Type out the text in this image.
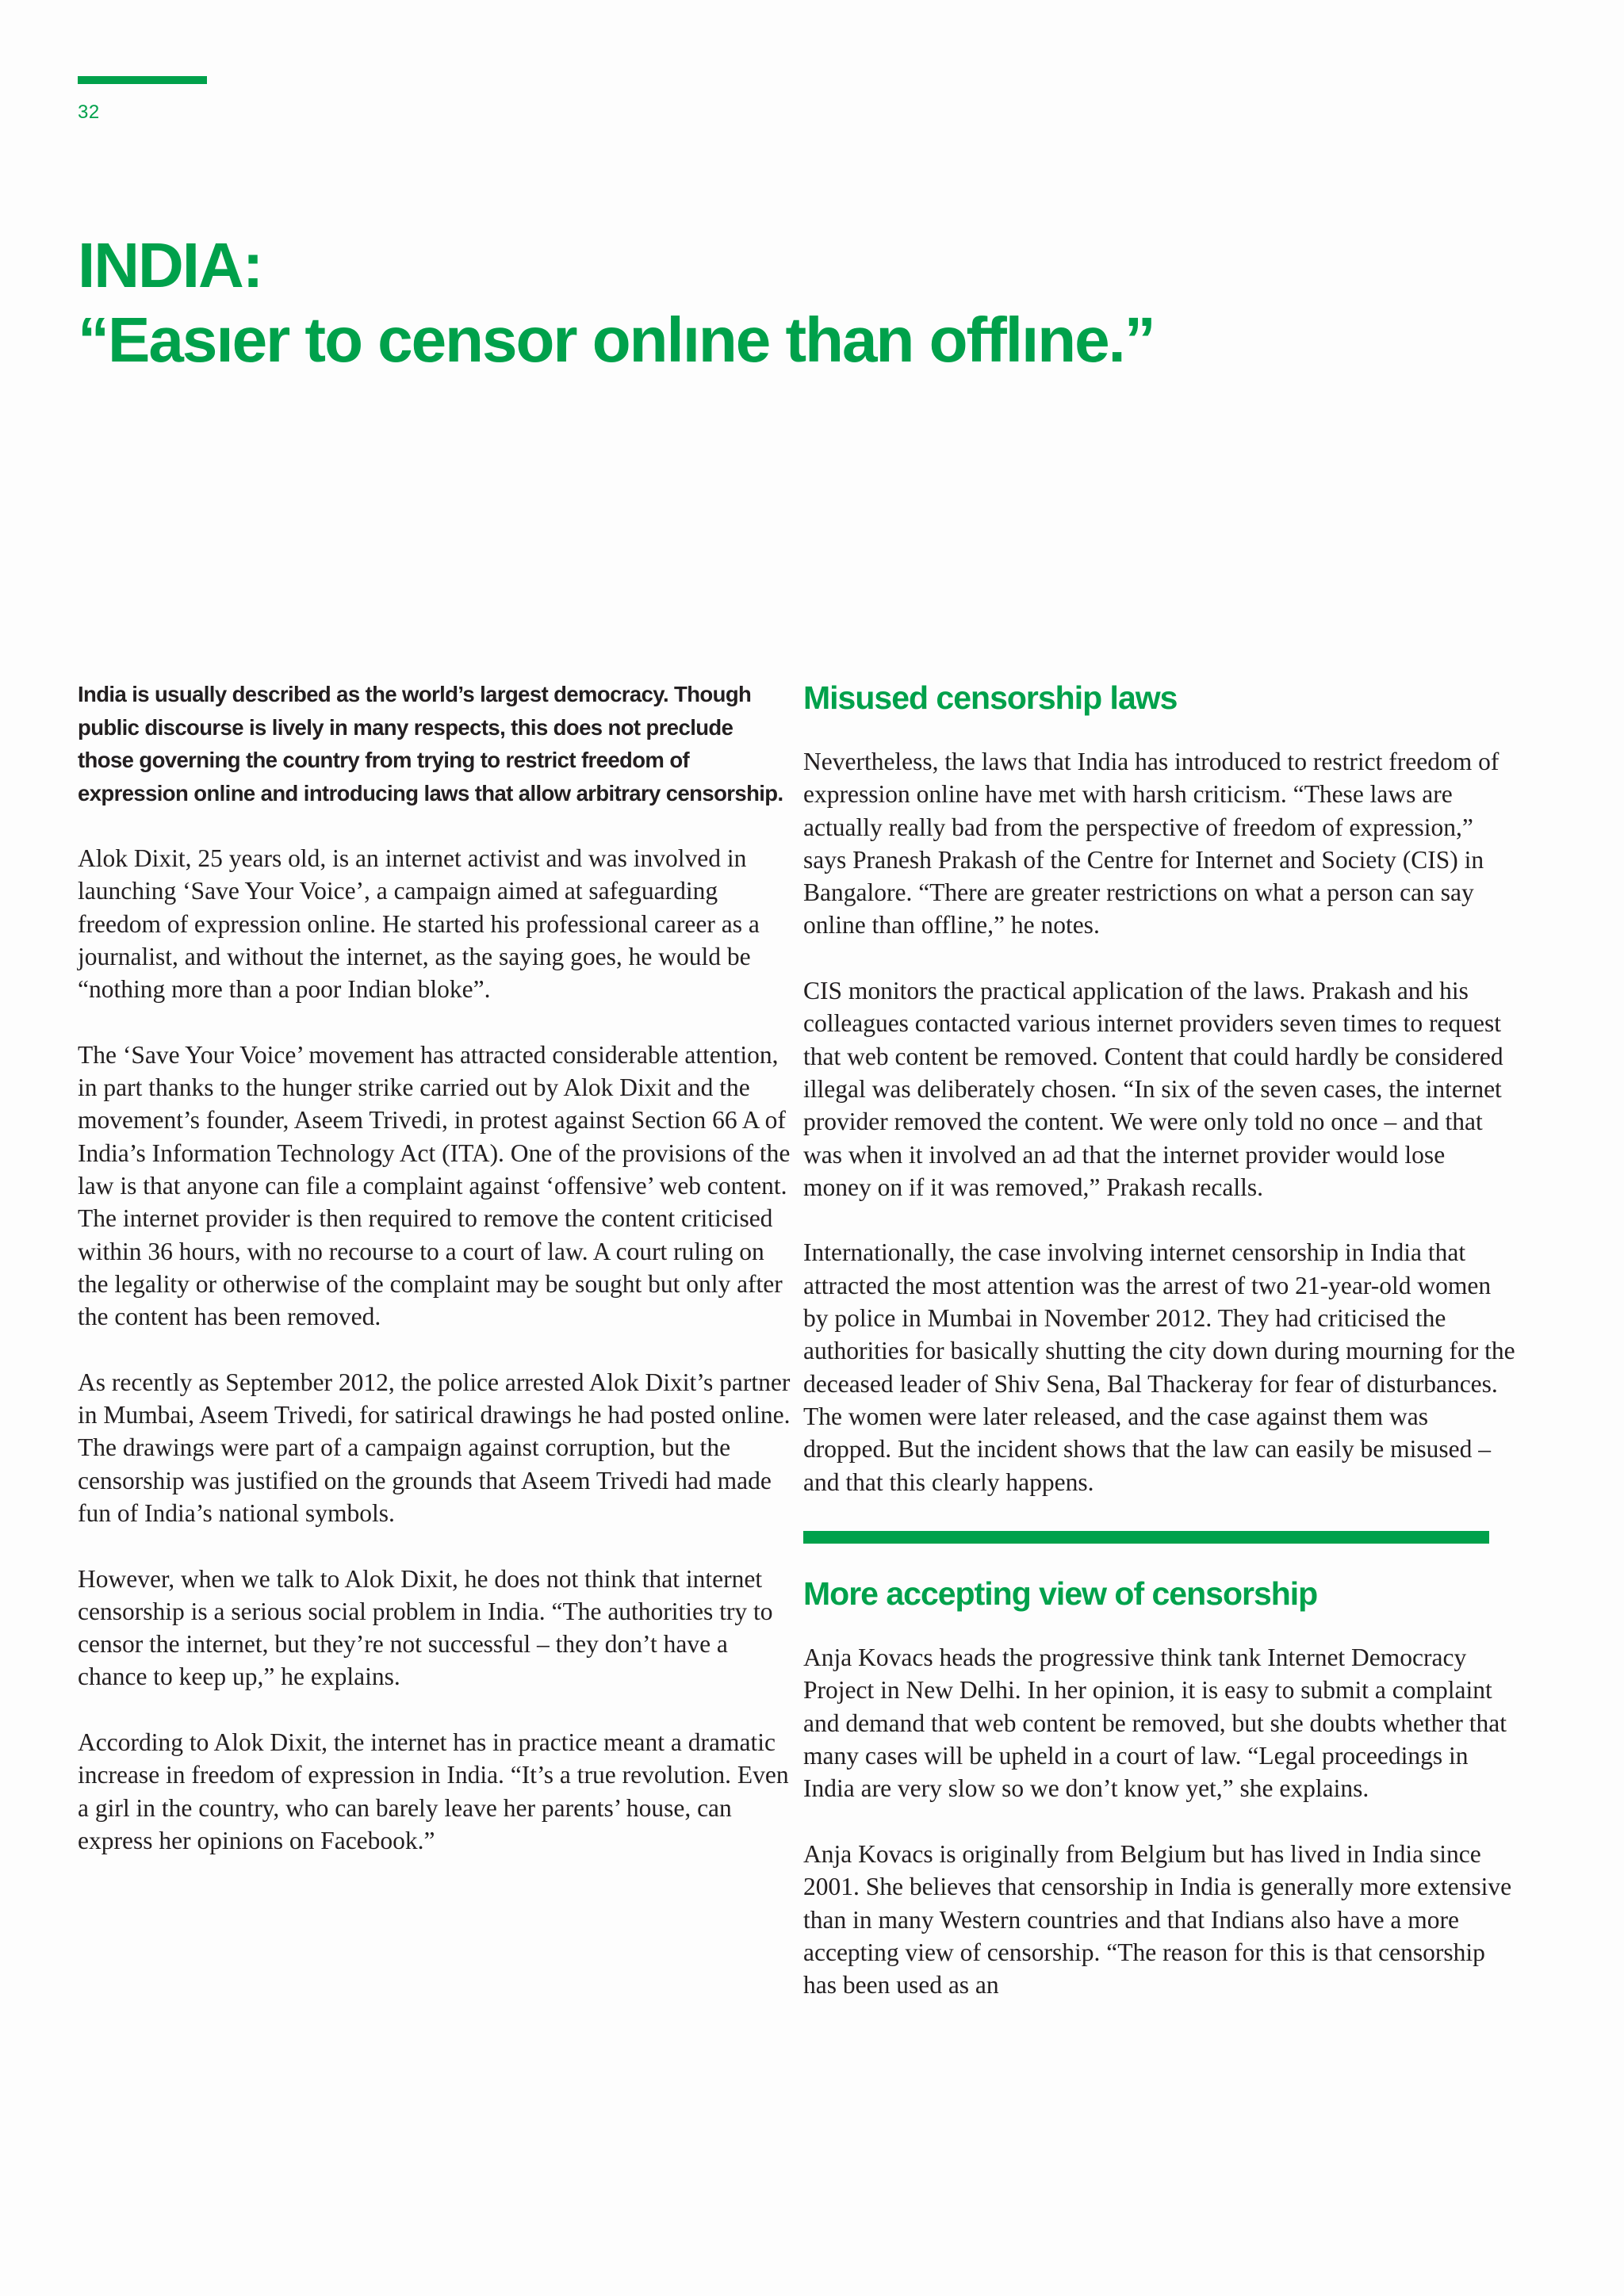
32
INDIA:
“Easıer to censor onlıne than offlıne.”

India is usually described as the world’s largest democracy. Though public discourse is lively in many respects, this does not preclude those governing the country from trying to restrict freedom of expression online and introducing laws that allow arbitrary censorship.

Alok Dixit, 25 years old, is an internet activist and was involved in launching ‘Save Your Voice’, a campaign aimed at safeguarding freedom of expression online. He started his professional career as a journalist, and without the internet, as the saying goes, he would be “nothing more than a poor Indian bloke”.

The ‘Save Your Voice’ movement has attracted considerable attention, in part thanks to the hunger strike carried out by Alok Dixit and the movement’s founder, Aseem Trivedi, in protest against Section 66 A of India’s Information Technology Act (ITA). One of the provisions of the law is that anyone can file a complaint against ‘offensive’ web content. The internet provider is then required to remove the content criticised within 36 hours, with no recourse to a court of law. A court ruling on the legality or otherwise of the complaint may be sought but only after the content has been removed.

As recently as September 2012, the police arrested Alok Dixit’s partner in Mumbai, Aseem Trivedi, for satirical drawings he had posted online. The drawings were part of a campaign against corruption, but the censorship was justified on the grounds that Aseem Trivedi had made fun of India’s national symbols.

However, when we talk to Alok Dixit, he does not think that internet censorship is a serious social problem in India. “The authorities try to censor the internet, but they’re not successful – they don’t have a chance to keep up,” he explains.

According to Alok Dixit, the internet has in practice meant a dramatic increase in freedom of expression in India. “It’s a true revolution. Even a girl in the country, who can barely leave her parents’ house, can express her opinions on Facebook.”

Misused censorship laws

Nevertheless, the laws that India has introduced to restrict freedom of expression online have met with harsh criticism. “These laws are actually really bad from the perspective of freedom of expression,” says Pranesh Prakash of the Centre for Internet and Society (CIS) in Bangalore. “There are greater restrictions on what a person can say online than offline,” he notes.

CIS monitors the practical application of the laws. Prakash and his colleagues contacted various internet providers seven times to request that web content be removed. Content that could hardly be considered illegal was deliberately chosen. “In six of the seven cases, the internet provider removed the content. We were only told no once – and that was when it involved an ad that the internet provider would lose money on if it was removed,” Prakash recalls.

Internationally, the case involving internet censorship in India that attracted the most attention was the arrest of two 21-year-old women by police in Mumbai in November 2012. They had criticised the authorities for basically shutting the city down during mourning for the deceased leader of Shiv Sena, Bal Thackeray for fear of disturbances. The women were later released, and the case against them was dropped. But the incident shows that the law can easily be misused – and that this clearly happens.

More accepting view of censorship

Anja Kovacs heads the progressive think tank Internet Democracy Project in New Delhi. In her opinion, it is easy to submit a complaint and demand that web content be removed, but she doubts whether that many cases will be upheld in a court of law. “Legal proceedings in India are very slow so we don’t know yet,” she explains.

Anja Kovacs is originally from Belgium but has lived in India since 2001. She believes that censorship in India is generally more extensive than in many Western countries and that Indians also have a more accepting view of censorship. “The reason for this is that censorship has been used as an
